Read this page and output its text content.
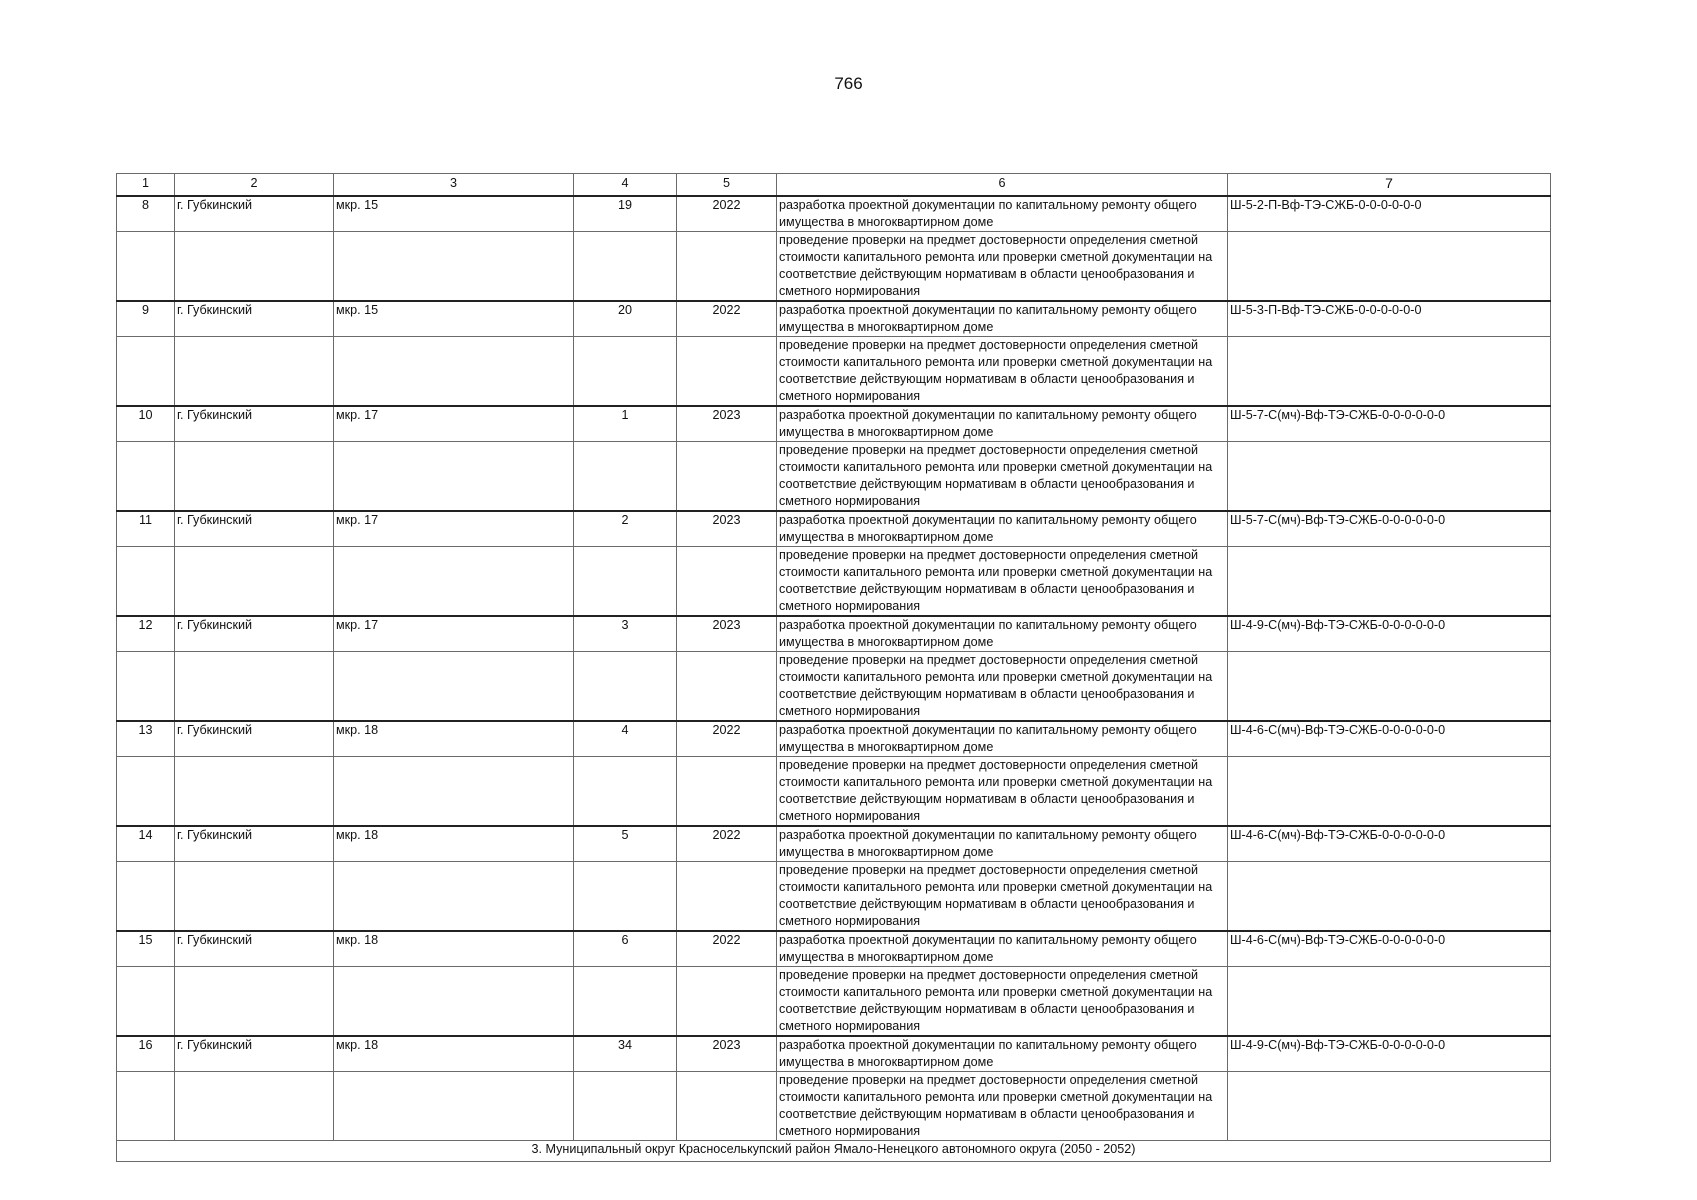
766
1	2	3	4	5	6	7
8	г. Губкинский	мкр. 15	19	2022	разработка проектной документации по капитальному ремонту общего имущества в многоквартирном доме	Ш-5-2-П-Вф-ТЭ-СЖБ-0-0-0-0-0-0
					проведение проверки на предмет достоверности определения сметной стоимости капитального ремонта или проверки сметной документации на соответствие действующим нормативам в области ценообразования и сметного нормирования	
9	г. Губкинский	мкр. 15	20	2022	разработка проектной документации по капитальному ремонту общего имущества в многоквартирном доме	Ш-5-3-П-Вф-ТЭ-СЖБ-0-0-0-0-0-0
					проведение проверки на предмет достоверности определения сметной стоимости капитального ремонта или проверки сметной документации на соответствие действующим нормативам в области ценообразования и сметного нормирования	
10	г. Губкинский	мкр. 17	1	2023	разработка проектной документации по капитальному ремонту общего имущества в многоквартирном доме	Ш-5-7-С(мч)-Вф-ТЭ-СЖБ-0-0-0-0-0-0
					проведение проверки на предмет достоверности определения сметной стоимости капитального ремонта или проверки сметной документации на соответствие действующим нормативам в области ценообразования и сметного нормирования	
11	г. Губкинский	мкр. 17	2	2023	разработка проектной документации по капитальному ремонту общего имущества в многоквартирном доме	Ш-5-7-С(мч)-Вф-ТЭ-СЖБ-0-0-0-0-0-0
					проведение проверки на предмет достоверности определения сметной стоимости капитального ремонта или проверки сметной документации на соответствие действующим нормативам в области ценообразования и сметного нормирования	
12	г. Губкинский	мкр. 17	3	2023	разработка проектной документации по капитальному ремонту общего имущества в многоквартирном доме	Ш-4-9-С(мч)-Вф-ТЭ-СЖБ-0-0-0-0-0-0
					проведение проверки на предмет достоверности определения сметной стоимости капитального ремонта или проверки сметной документации на соответствие действующим нормативам в области ценообразования и сметного нормирования	
13	г. Губкинский	мкр. 18	4	2022	разработка проектной документации по капитальному ремонту общего имущества в многоквартирном доме	Ш-4-6-С(мч)-Вф-ТЭ-СЖБ-0-0-0-0-0-0
					проведение проверки на предмет достоверности определения сметной стоимости капитального ремонта или проверки сметной документации на соответствие действующим нормативам в области ценообразования и сметного нормирования	
14	г. Губкинский	мкр. 18	5	2022	разработка проектной документации по капитальному ремонту общего имущества в многоквартирном доме	Ш-4-6-С(мч)-Вф-ТЭ-СЖБ-0-0-0-0-0-0
					проведение проверки на предмет достоверности определения сметной стоимости капитального ремонта или проверки сметной документации на соответствие действующим нормативам в области ценообразования и сметного нормирования	
15	г. Губкинский	мкр. 18	6	2022	разработка проектной документации по капитальному ремонту общего имущества в многоквартирном доме	Ш-4-6-С(мч)-Вф-ТЭ-СЖБ-0-0-0-0-0-0
					проведение проверки на предмет достоверности определения сметной стоимости капитального ремонта или проверки сметной документации на соответствие действующим нормативам в области ценообразования и сметного нормирования	
16	г. Губкинский	мкр. 18	34	2023	разработка проектной документации по капитальному ремонту общего имущества в многоквартирном доме	Ш-4-9-С(мч)-Вф-ТЭ-СЖБ-0-0-0-0-0-0
					проведение проверки на предмет достоверности определения сметной стоимости капитального ремонта или проверки сметной документации на соответствие действующим нормативам в области ценообразования и сметного нормирования	
3. Муниципальный округ Красноселькупский район Ямало-Ненецкого автономного округа (2050 - 2052)						
